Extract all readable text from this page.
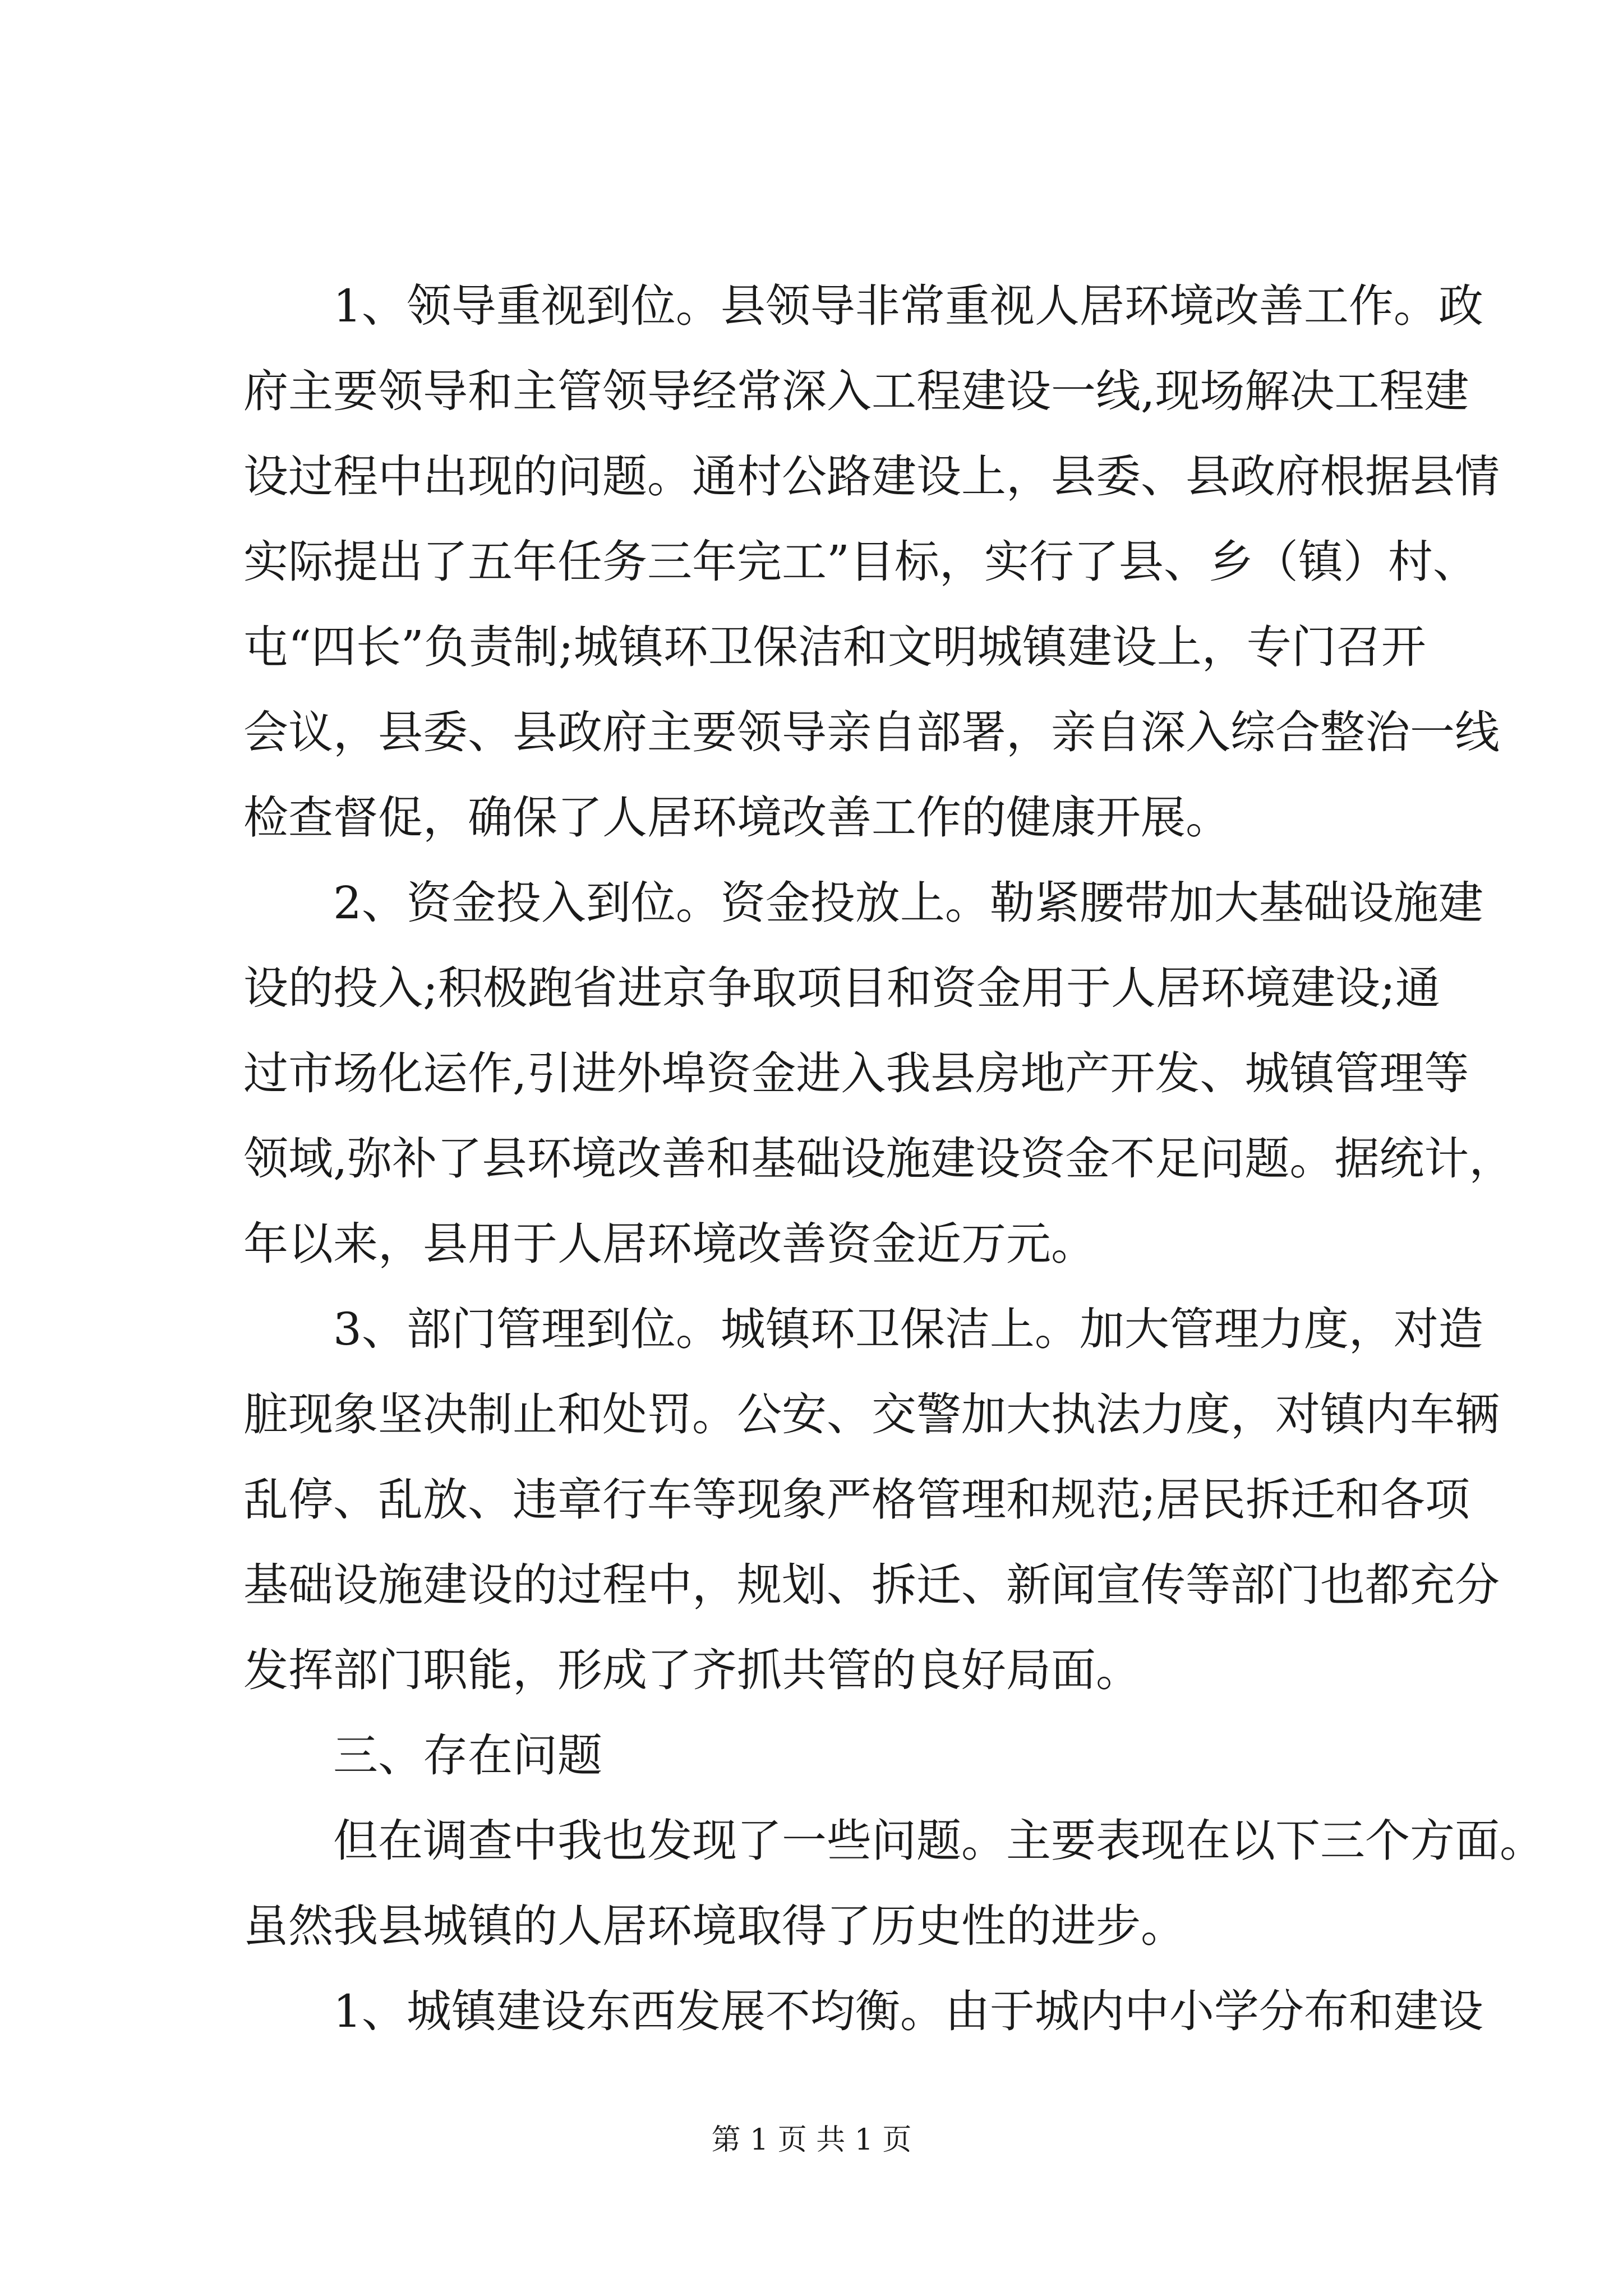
1、领导重视到位。县领导非常重视人居环境改善工作。政
府主要领导和主管领导经常深入工程建设一线,现场解决工程建
设过程中出现的问题。通村公路建设上，县委、县政府根据县情
实际提出了五年任务三年完工”目标，实行了县、乡（镇）村、
屯“四长”负责制;城镇环卫保洁和文明城镇建设上，专门召开
会议，县委、县政府主要领导亲自部署，亲自深入综合整治一线
检查督促，确保了人居环境改善工作的健康开展。
2、资金投入到位。资金投放上。勒紧腰带加大基础设施建
设的投入;积极跑省进京争取项目和资金用于人居环境建设;通
过市场化运作,引进外埠资金进入我县房地产开发、城镇管理等
领域,弥补了县环境改善和基础设施建设资金不足问题。据统计，
年以来，县用于人居环境改善资金近万元。
3、部门管理到位。城镇环卫保洁上。加大管理力度，对造
脏现象坚决制止和处罚。公安、交警加大执法力度，对镇内车辆
乱停、乱放、违章行车等现象严格管理和规范;居民拆迁和各项
基础设施建设的过程中，规划、拆迁、新闻宣传等部门也都充分
发挥部门职能，形成了齐抓共管的良好局面。
三、存在问题
但在调查中我也发现了一些问题。主要表现在以下三个方面。
虽然我县城镇的人居环境取得了历史性的进步。
1、城镇建设东西发展不均衡。由于城内中小学分布和建设
第 1 页 共 1 页
